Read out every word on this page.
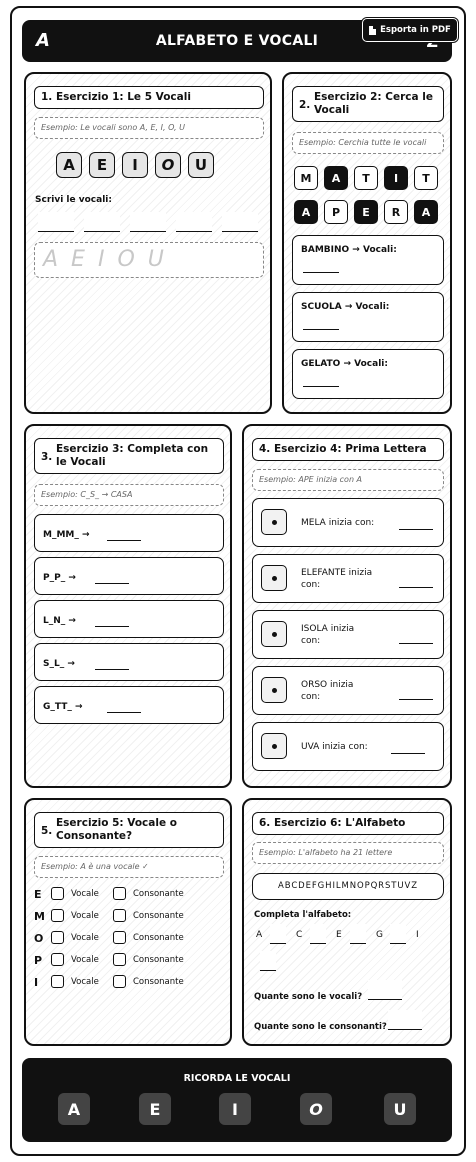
A	ALFABETO E VOCALI
Esporta in PDF
1. Esercizio 1: Le 5 Vocali
Esempio: Le vocali sono A, E, I, O, U
A	E	I	O	U
Scrivi le vocali:
AEIOU
2.
Esercizio 2: Cerca le Vocali
Esempio: Cerchia tutte le vocali
M	A	T	I	T
A	P	E	R	A
BAMBINO → Vocali:
SCUOLA → Vocali:
GELATO → Vocali:
3.
Esercizio 3: Completa con le Vocali
Esempio: C_S_ → CASA
M_MM_ →
P_P_ →
L_N_ →
S_L_ →
G_TT_ →
4. Esercizio 4: Prima Lettera
Esempio: APE inizia con A
MELA inizia con:
ELEFANTE inizia con:
ISOLA inizia con:
ORSO inizia con:
UVA inizia con:
5.
Esercizio 5: Vocale o Consonante?
Esempio: A è una vocale ✓
E	Vocale	Consonante
M	Vocale	Consonante
O	Vocale	Consonante
P	Vocale	Consonante
I	Vocale	Consonante
6. Esercizio 6: L'Alfabeto
Esempio: L'alfabeto ha 21 lettere
ABCDEFGHILMNOPQRSTUVZ
Completa l'alfabeto:
A	C	E	G	I
Quante sono le vocali?
Quante sono le consonanti?
RICORDA LE VOCALI
A	E	I	O	U
